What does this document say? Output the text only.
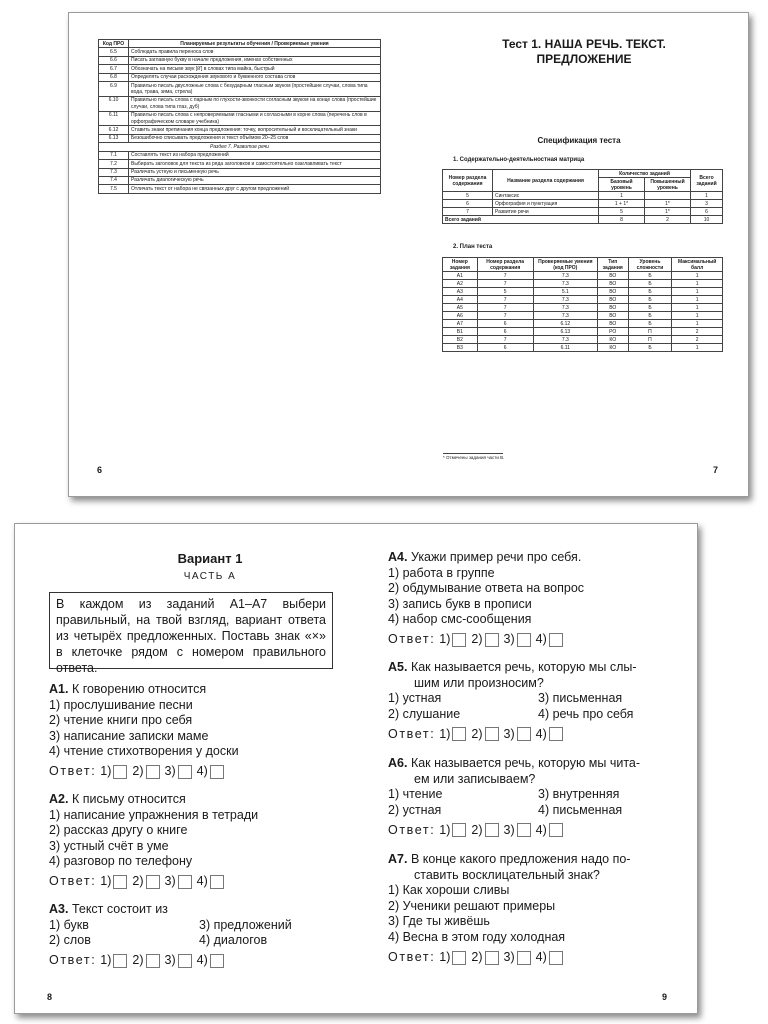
Код ПРО	Планируемые результаты обучения / Проверяемые умения
6.5	Соблюдать правила переноса слов
6.6	Писать заглавную букву в начале предложения, именах собственных
6.7	Обозначать на письме звук [й'] в словах типа майка, быстрый
6.8	Определять случаи расхождения звукового и буквенного состава слов
6.9	Правильно писать двусложные слова с безударным гласным звуком (простейшие случаи, слова типа вода, трава, зима, стрела)
6.10	Правильно писать слова с парным по глухости-звонкости согласным звуком на конце слова (простейшие случаи, слова типа глаз, дуб)
6.11	Правильно писать слова с непроверяемыми гласными и согласными в корне слова (перечень слов в орфографическом словаре учебника)
6.12	Ставить знаки препинания конца предложения: точку, вопросительный и восклицательный знаки
6.13	Безошибочно списывать предложения и текст объёмом 20–25 слов
Раздел 7. Развитие речи	
7.1	Составлять текст из набора предложений
7.2	Выбирать заголовок для текста из ряда заголовков и самостоятельно озаглавливать текст
7.3	Различать устную и письменную речь
7.4	Различать диалогическую речь
7.5	Отличать текст от набора не связанных друг с другом предложений
6
Тест 1. НАША РЕЧЬ. ТЕКСТ.
ПРЕДЛОЖЕНИЕ
Спецификация теста
1. Содержательно-деятельностная матрица
Номер раздела содержания	Название раздела содержания	Количество заданий		Всего заданий
		Базовый уровень	Повышенный уровень	
5	Синтаксис	1		1
6	Орфография и пунктуация	1 + 1*	1*	3
7	Развитие речи	5	1*	6
Всего заданий		8	2	10
2. План теста
Номер задания	Номер раздела содержания	Проверяемые умения (код ПРО)	Тип задания	Уровень сложности	Максимальный балл
А1	7	7.3	ВО	Б	1
А2	7	7.3	ВО	Б	1
А3	5	5.1	ВО	Б	1
А4	7	7.3	ВО	Б	1
А5	7	7.3	ВО	Б	1
А6	7	7.3	ВО	Б	1
А7	6	6.12	ВО	Б	1
В1	6	6.13	РО	П	2
В2	7	7.3	КО	П	2
В3	6	6.11	КО	Б	1
* Отмечены задания части В.
7
Вариант 1
ЧАСТЬ А
В каждом из заданий А1–А7 выбери правильный, на твой взгляд, вариант ответа из четырёх предложенных. Поставь знак «×» в клеточке рядом с номером правильного ответа.
А1. К говорению относится
1) прослушивание песни
2) чтение книги про себя
3) написание записки маме
4) чтение стихотворения у доски
Ответ: 1) 2) 3) 4)
А2. К письму относится
1) написание упражнения в тетради
2) рассказ другу о книге
3) устный счёт в уме
4) разговор по телефону
Ответ: 1) 2) 3) 4)
А3. Текст состоит из
1) букв	3) предложений
2) слов	4) диалогов
Ответ: 1) 2) 3) 4)
8
А4. Укажи пример речи про себя.
1) работа в группе
2) обдумывание ответа на вопрос
3) запись букв в прописи
4) набор смс-сообщения
Ответ: 1) 2) 3) 4)
А5. Как называется речь, которую мы слы-
шим или произносим?
1) устная	3) письменная
2) слушание	4) речь про себя
Ответ: 1) 2) 3) 4)
А6. Как называется речь, которую мы чита-
ем или записываем?
1) чтение	3) внутренняя
2) устная	4) письменная
Ответ: 1) 2) 3) 4)
А7. В конце какого предложения надо по-
ставить восклицательный знак?
1) Как хороши сливы
2) Ученики решают примеры
3) Где ты живёшь
4) Весна в этом году холодная
Ответ: 1) 2) 3) 4)
9
